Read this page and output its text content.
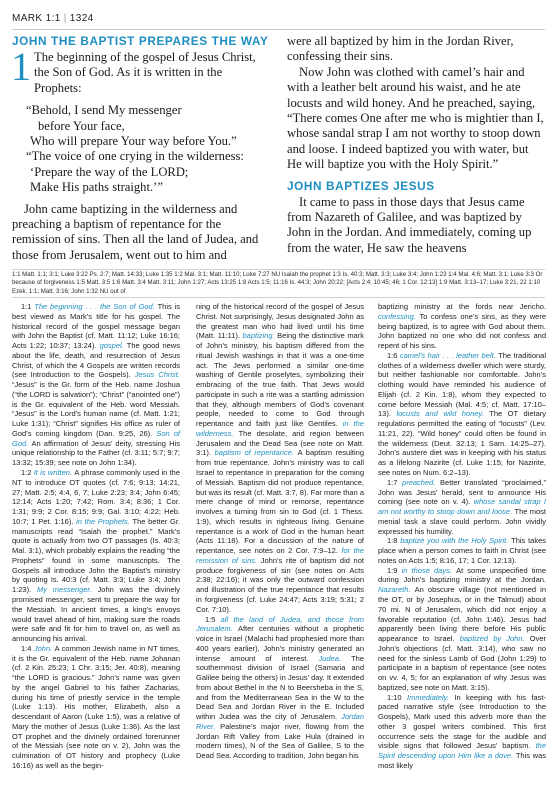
MARK 1:1 | 1324
JOHN THE BAPTIST PREPARES THE WAY

1 The beginning of the gospel of Jesus Christ, the Son of God. As it is written in the Prophets:

“Behold, I send My messenger
before Your face,
Who will prepare Your way before You.”
“The voice of one crying in the wilderness:
‘Prepare the way of the LORD;
Make His paths straight.’”

John came baptizing in the wilderness and preaching a baptism of repentance for the remission of sins. Then all the land of Judea, and those from Jerusalem, went out to him and

were all baptized by him in the Jordan River, confessing their sins.

Now John was clothed with camel’s hair and with a leather belt around his waist, and he ate locusts and wild honey. And he preached, saying, “There comes One after me who is mightier than I, whose sandal strap I am not worthy to stoop down and loose. I indeed baptized you with water, but He will baptize you with the Holy Spirit.”

JOHN BAPTIZES JESUS

It came to pass in those days that Jesus came from Nazareth of Galilee, and was baptized by John in the Jordan. And immediately, coming up from the water, He saw the heavens

1:1 Matt. 1:1; 3:1; Luke 3:22 Ps. 2:7; Matt. 14:33; Luke 1:35 1:2 Mal. 3:1; Matt. 11:10; Luke 7:27 NU Isaiah the prophet 1:3 Is. 40:3; Matt. 3:3; Luke 3:4; John 1:23 1:4 Mal. 4:6; Matt. 3:1; Luke 3:3 Or because of forgiveness 1:5 Matt. 3:5 1:6 Matt. 3:4 Matt. 3:11; John 1:27; Acts 13:25 1:8 Acts 1:5; 11:16 Is. 44:3; John 20:22; [Acts 2:4; 10:45; 46; 1 Cor. 12:13] 1:9 Matt. 3:13–17; Luke 3:21, 22 1:10 Ezek. 1:1; Matt. 3:16; John 1:32 NU out of

1:1 The beginning . . . the Son of God. This is best viewed as Mark’s title for his gospel. The historical record of the gospel message began with John the Baptist (cf. Matt. 11:12; Luke 16:16; Acts 1:22; 10:37; 13:24). gospel. The good news about the life, death, and resurrection of Jesus Christ, of which the 4 Gospels are written records (see Introduction to the Gospels). Jesus Christ. “Jesus” is the Gr. form of the Heb. name Joshua (“the LORD is salvation”); “Christ” (“anointed one”) is the Gr. equivalent of the Heb. word Messiah. “Jesus” is the Lord’s human name (cf. Matt. 1:21; Luke 1:31); “Christ” signifies His office as ruler of God’s coming kingdom (Dan. 9:25, 26). Son of God. An affirmation of Jesus’ deity, stressing His unique relationship to the Father (cf. 3:11; 5:7; 9:7; 13:32; 15:39; see note on John 1:34).

1:2 It is written. A phrase commonly used in the NT to introduce OT quotes (cf. 7:6; 9:13; 14:21, 27; Matt. 2:5; 4:4, 6, 7; Luke 2:23; 3:4; John 6:45; 12:14; Acts 1:20; 7:42; Rom. 3:4; 8:36; 1 Cor. 1:31; 9:9; 2 Cor. 8:15; 9:9; Gal. 3:10; 4:22; Heb. 10:7; 1 Pet. 1:16). in the Prophets. The better Gr. manuscripts read “Isaiah the prophet.” Mark’s quote is actually from two OT passages (Is. 40:3; Mal. 3:1), which probably explains the reading “the Prophets” found in some manuscripts. The Gospels all introduce John the Baptist’s ministry by quoting Is. 40:3 (cf. Matt. 3:3; Luke 3:4; John 1:23). My messenger. John was the divinely promised messenger, sent to prepare the way for the Messiah. In ancient times, a king’s envoys would travel ahead of him, making sure the roads were safe and fit for him to travel on, as well as announcing his arrival.

1:4 John. A common Jewish name in NT times, it is the Gr. equivalent of the Heb. name Johanan (cf. 2 Kin. 25:23; 1 Chr. 3:15; Jer. 40:8), meaning “the LORD is gracious.” John’s name was given by the angel Gabriel to his father Zacharias, during his time of priestly service in the temple (Luke 1:13). His mother, Elizabeth, also a descendant of Aaron (Luke 1:5), was a relative of Mary the mother of Jesus (Luke 1:36). As the last OT prophet and the divinely ordained forerunner of the Messiah (see note on v. 2), John was the culmination of OT history and prophecy (Luke 16:16) as well as the begin-

ning of the historical record of the gospel of Jesus Christ. Not surprisingly, Jesus designated John as the greatest man who had lived until his time (Matt. 11:11). baptizing. Being the distinctive mark of John’s ministry, his baptism differed from the ritual Jewish washings in that it was a one-time act. The Jews performed a similar one-time washing of Gentile proselytes, symbolizing their embracing of the true faith. That Jews would participate in such a rite was a startling admission that they, although members of God’s covenant people, needed to come to God through repentance and faith just like Gentiles. in the wilderness. The desolate, arid region between Jerusalem and the Dead Sea (see note on Matt. 3:1). baptism of repentance. A baptism resulting from true repentance. John’s ministry was to call Israel to repentance in preparation for the coming of Messiah. Baptism did not produce repentance, but was its result (cf. Matt. 3:7, 8). Far more than a mere change of mind or remorse, repentance involves a turning from sin to God (cf. 1 Thess. 1:9), which results in righteous living. Genuine repentance is a work of God in the human heart (Acts 11:18). For a discussion of the nature of repentance, see notes on 2 Cor. 7:9–12. for the remission of sins. John’s rite of baptism did not produce forgiveness of sin (see notes on Acts 2:38; 22:16); it was only the outward confession and illustration of the true repentance that results in forgiveness (cf. Luke 24:47; Acts 3:19; 5:31; 2 Cor. 7:10).

1:5 all the land of Judea, and those from Jerusalem. After centuries without a prophetic voice in Israel (Malachi had prophesied more than 400 years earlier), John’s ministry generated an intense amount of interest. Judea. The southernmost division of Israel (Samaria and Galilee being the others) in Jesus’ day. It extended from about Bethel in the N to Beersheba in the S, and from the Mediterranean Sea in the W to the Dead Sea and Jordan River in the E. Included within Judea was the city of Jerusalem. Jordan River. Palestine’s major river, flowing from the Jordan Rift Valley from Lake Hula (drained in modern times), N of the Sea of Galilee, S to the Dead Sea. According to tradition, John began his

baptizing ministry at the fords near Jericho. confessing. To confess one’s sins, as they were being baptized, is to agree with God about them. John baptized no one who did not confess and repent of his sins.

1:6 camel’s hair . . . leather belt. The traditional clothes of a wilderness dweller which were sturdy, but neither fashionable nor comfortable. John’s clothing would have reminded his audience of Elijah (cf. 2 Kin. 1:8), whom they expected to come before Messiah (Mal. 4:5; cf. Matt. 17:10–13). locusts and wild honey. The OT dietary regulations permitted the eating of “locusts” (Lev. 11:21, 22). “Wild honey” could often be found in the wilderness (Deut. 32:13; 1 Sam. 14:25–27). John’s austere diet was in keeping with his status as a lifelong Nazirite (cf. Luke 1:15; for Nazirite, see notes on Num. 6:2–13).

1:7 preached. Better translated “proclaimed,” John was Jesus’ herald, sent to announce His coming (see note on v. 4). whose sandal strap I am not worthy to stoop down and loose. The most menial task a slave could perform. John vividly expressed his humility.

1:8 baptize you with the Holy Spirit. This takes place when a person comes to faith in Christ (see notes on Acts 1:5; 8:16, 17; 1 Cor. 12:13).

1:9 in those days. At some unspecified time during John’s baptizing ministry at the Jordan. Nazareth. An obscure village (not mentioned in the OT, or by Josephus, or in the Talmud) about 70 mi. N of Jerusalem, which did not enjoy a favorable reputation (cf. John 1:46). Jesus had apparently been living there before His public appearance to Israel. baptized by John. Over John’s objections (cf. Matt. 3:14), who saw no need for the sinless Lamb of God (John 1:29) to participate in a baptism of repentance (see notes on vv. 4, 5; for an explanation of why Jesus was baptized, see note on Matt. 3:15).

1:10 Immediately. In keeping with his fast-paced narrative style (see Introduction to the Gospels), Mark used this adverb more than the other 3 gospel writers combined. This first occurrence sets the stage for the audible and visible signs that followed Jesus’ baptism. the Spirit descending upon Him like a dove. This was most likely
